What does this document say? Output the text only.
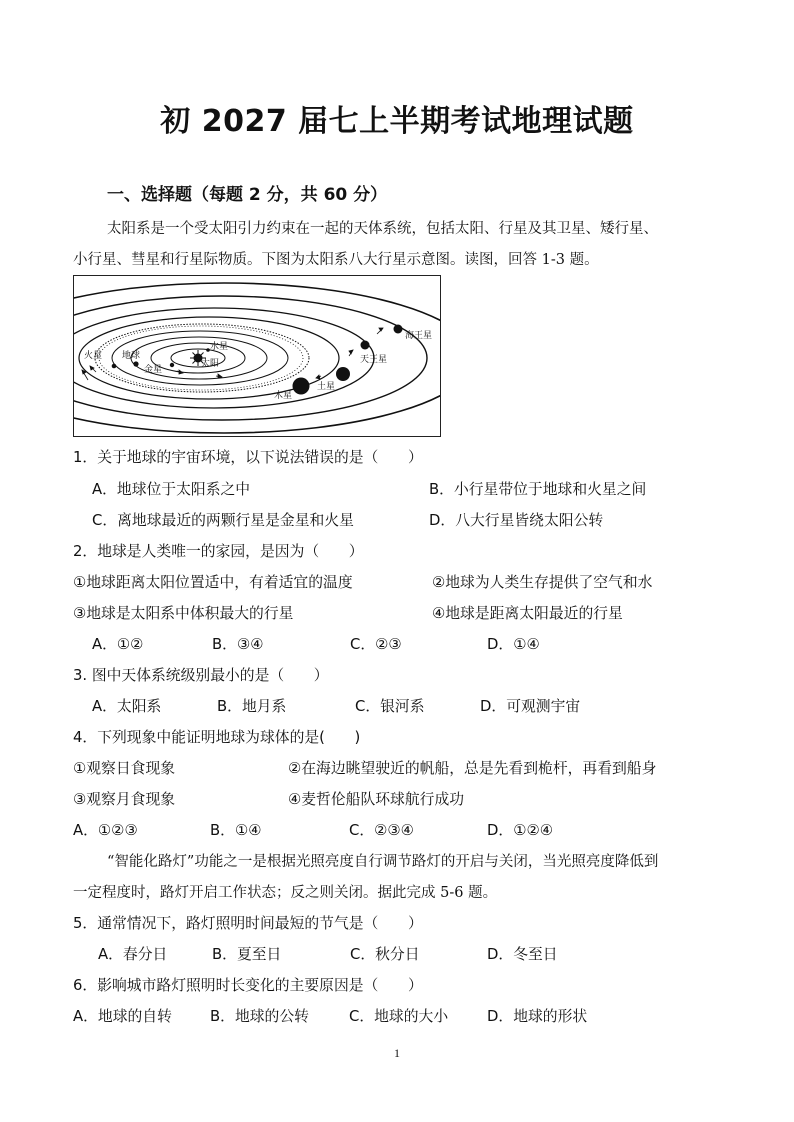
初 2027 届七上半期考试地理试题
一、选择题（每题 2 分，共 60 分）
太阳系是一个受太阳引力约束在一起的天体系统，包括太阳、行星及其卫星、矮行星、
小行星、彗星和行星际物质。下图为太阳系八大行星示意图。读图，回答 1-3 题。
太阳
水星
金星
地球
火星
木星
土星
天王星
海王星
1．关于地球的宇宙环境，以下说法错误的是（　　）
A．地球位于太阳系之中	B．小行星带位于地球和火星之间
C．离地球最近的两颗行星是金星和火星	D．八大行星皆绕太阳公转
2．地球是人类唯一的家园，是因为（　　）
①地球距离太阳位置适中，有着适宜的温度	②地球为人类生存提供了空气和水
③地球是太阳系中体积最大的行星	④地球是距离太阳最近的行星
A．①②	B．③④	C．②③	D．①④
3. 图中天体系统级别最小的是（　　）
A．太阳系	B．地月系	C．银河系	D．可观测宇宙
4．下列现象中能证明地球为球体的是(　　)
①观察日食现象	②在海边眺望驶近的帆船，总是先看到桅杆，再看到船身
③观察月食现象	④麦哲伦船队环球航行成功
A．①②③	B．①④	C．②③④	D．①②④
“智能化路灯”功能之一是根据光照亮度自行调节路灯的开启与关闭，当光照亮度降低到
一定程度时，路灯开启工作状态；反之则关闭。据此完成 5-6 题。
5．通常情况下，路灯照明时间最短的节气是（　　）
A．春分日	B．夏至日	C．秋分日	D．冬至日
6．影响城市路灯照明时长变化的主要原因是（　　）
A．地球的自转	B．地球的公转	C．地球的大小	D．地球的形状
1
